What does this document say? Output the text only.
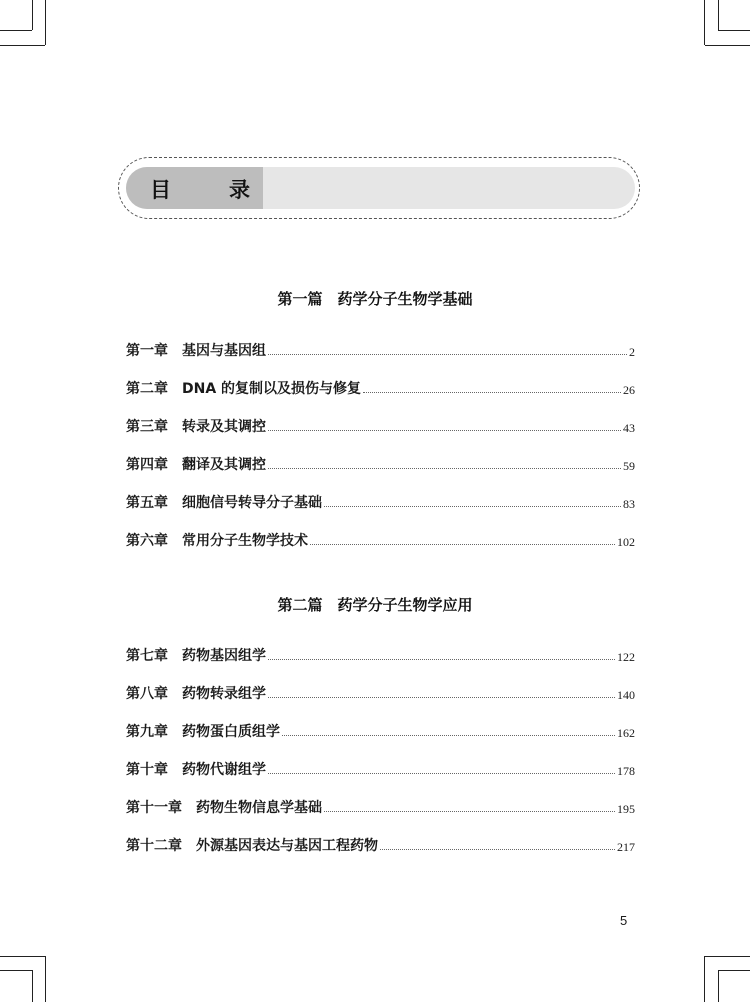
目	录
第一篇　药学分子生物学基础
第一章 基因与基因组	2
第二章 DNA 的复制以及损伤与修复	26
第三章 转录及其调控	43
第四章 翻译及其调控	59
第五章 细胞信号转导分子基础	83
第六章 常用分子生物学技术	102
第二篇　药学分子生物学应用
第七章 药物基因组学	122
第八章 药物转录组学	140
第九章 药物蛋白质组学	162
第十章 药物代谢组学	178
第十一章 药物生物信息学基础	195
第十二章 外源基因表达与基因工程药物	217
5
